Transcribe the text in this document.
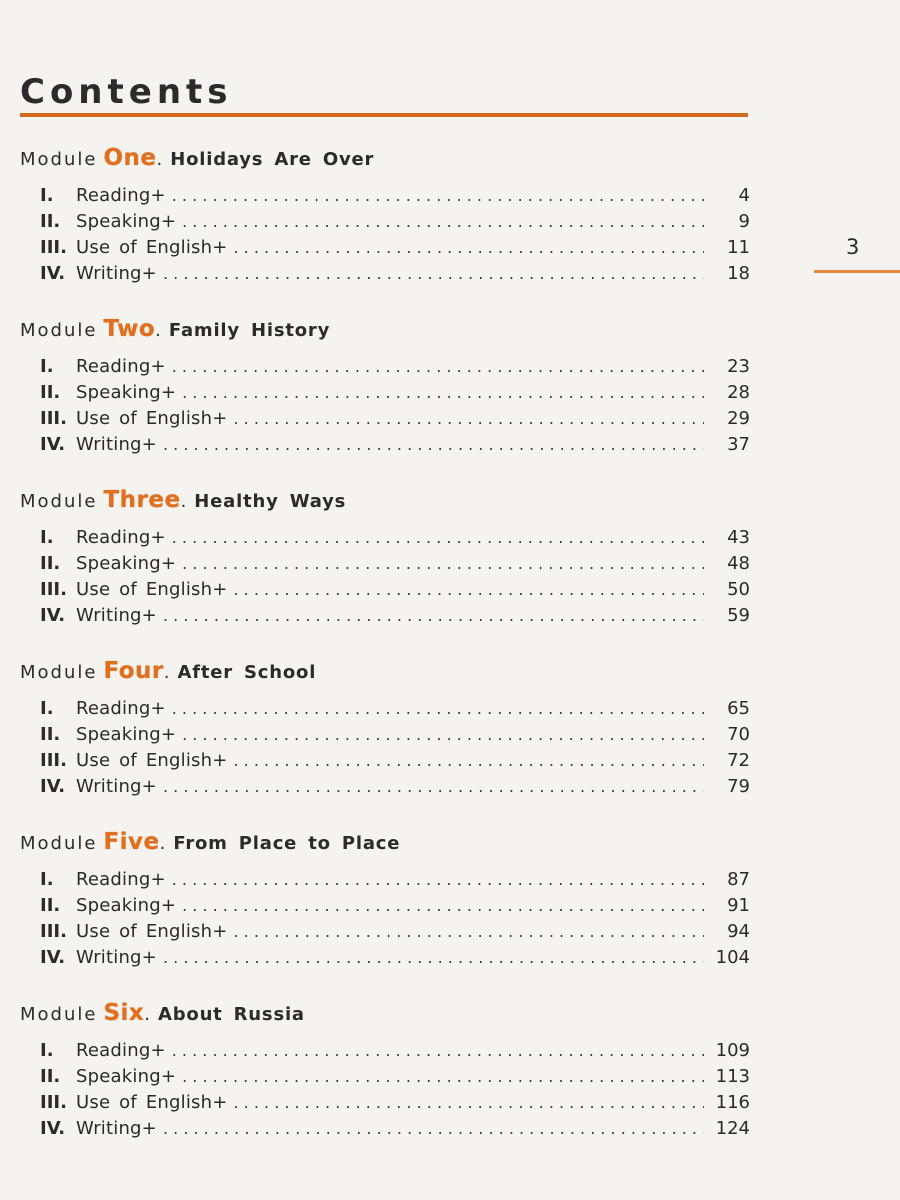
Contents
3
Module One. Holidays Are Over
I.	Reading+ . . .	4
II. Speaking+ . . .	9
III. Use of English+ . . .	11
IV. Writing+ . . .	18
Module Two. Family History
I.	Reading+ . . .	23
II. Speaking+ . . .	28
III. Use of English+ . . .	29
IV. Writing+ . . .	37
Module Three. Healthy Ways
I.	Reading+ . . .	43
II. Speaking+ . . .	48
III. Use of English+ . . .	50
IV. Writing+ . . .	59
Module Four. After School
I.	Reading+ . . .	65
II. Speaking+ . . .	70
III. Use of English+ . . .	72
IV. Writing+ . . .	79
Module Five. From Place to Place
I.	Reading+ . . .	87
II. Speaking+ . . .	91
III. Use of English+ . . .	94
IV. Writing+ . . .	104
Module Six. About Russia
I.	Reading+ . . .	109
II. Speaking+ . . .	113
III. Use of English+ . . .	116
IV. Writing+ . . .	124
